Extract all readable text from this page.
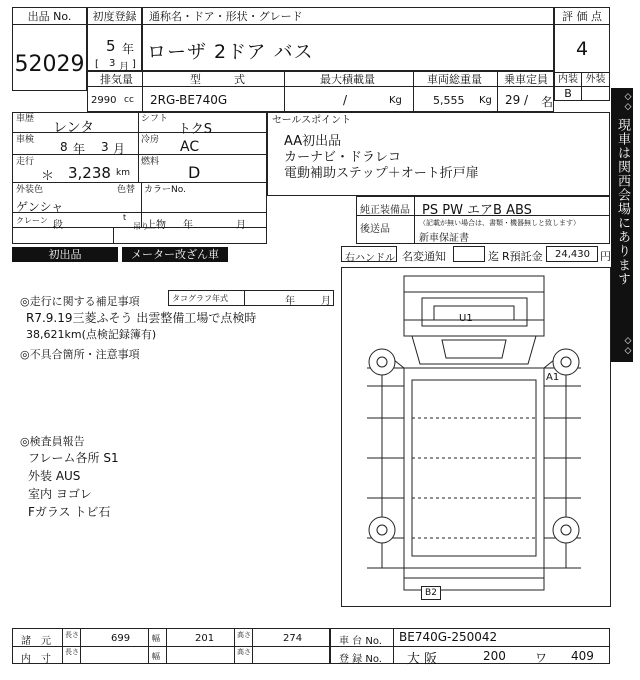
出品 No.
52029
初度登録
5 年
[ 3 月 ]
通称名・ドア・形状・グレード
ローザ 2ドア バス
評 価 点
4
内装 外装
B
排気量	型　　　式	最大積載量	車両総重量 乗車定員
2990 cc 2RG-BE740G	/	Kg	5,555 Kg 29 / 名
車歴
レンタ
シフト
トクS
車検 8 年 3 月
冷房 AC
走行
＊ 3,238 km
燃料
D
外装色
ゲンシャ
色替 カラーNo.
クレーン 段
t
吊り
上物 年	月
セールスポイント
AA初出品
カーナビ・ドラレコ
電動補助ステップ＋オート折戸扉
純正装備品 PS PW エアB ABS
後送品
（記載が無い場合は、書類・機器無しと致します）
新車保証書
初出品	メーター改ざん車	右ハンドル 名変通知	迄 R預託金 24,430 円
◎走行に関する補足事項	タコグラフ年式	年	月
R7.9.19三菱ふそう 出雲整備工場で点検時
38,621km(点検記録簿有)
◎不具合箇所・注意事項
◎検査員報告
フレーム各所 S1
外装 AUS
室内 ヨゴレ
Fガラス トビ石
U1
A1
B2
◇◇
現車は関西会場にあります
◇◇
諸　元
長さ	699	幅	201	高さ	274
内　寸
長さ	幅	高さ
車 台 No. BE740G-250042
登 録 No. 大 阪	200 ワ 409
